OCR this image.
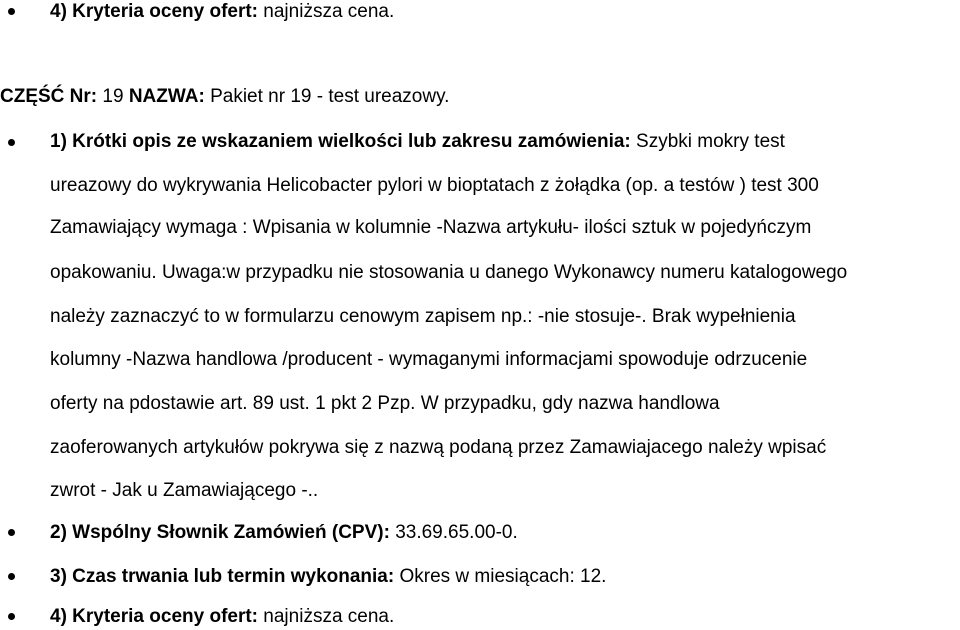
4) Kryteria oceny ofert: najniższa cena.
CZĘŚĆ Nr: 19 NAZWA: Pakiet nr 19 - test ureazowy.
1) Krótki opis ze wskazaniem wielkości lub zakresu zamówienia: Szybki mokry test
ureazowy do wykrywania Helicobacter pylori w bioptatach z żołądka (op. a testów ) test 300
Zamawiający wymaga : Wpisania w kolumnie -Nazwa artykułu- ilości sztuk w pojedyńczym
opakowaniu. Uwaga:w przypadku nie stosowania u danego Wykonawcy numeru katalogowego
należy zaznaczyć to w formularzu cenowym zapisem np.: -nie stosuje-. Brak wypełnienia
kolumny -Nazwa handlowa /producent - wymaganymi informacjami spowoduje odrzucenie
oferty na pdostawie art. 89 ust. 1 pkt 2 Pzp. W przypadku, gdy nazwa handlowa
zaoferowanych artykułów pokrywa się z nazwą podaną przez Zamawiajacego należy wpisać
zwrot - Jak u Zamawiającego -..
2) Wspólny Słownik Zamówień (CPV): 33.69.65.00-0.
3) Czas trwania lub termin wykonania: Okres w miesiącach: 12.
4) Kryteria oceny ofert: najniższa cena.
